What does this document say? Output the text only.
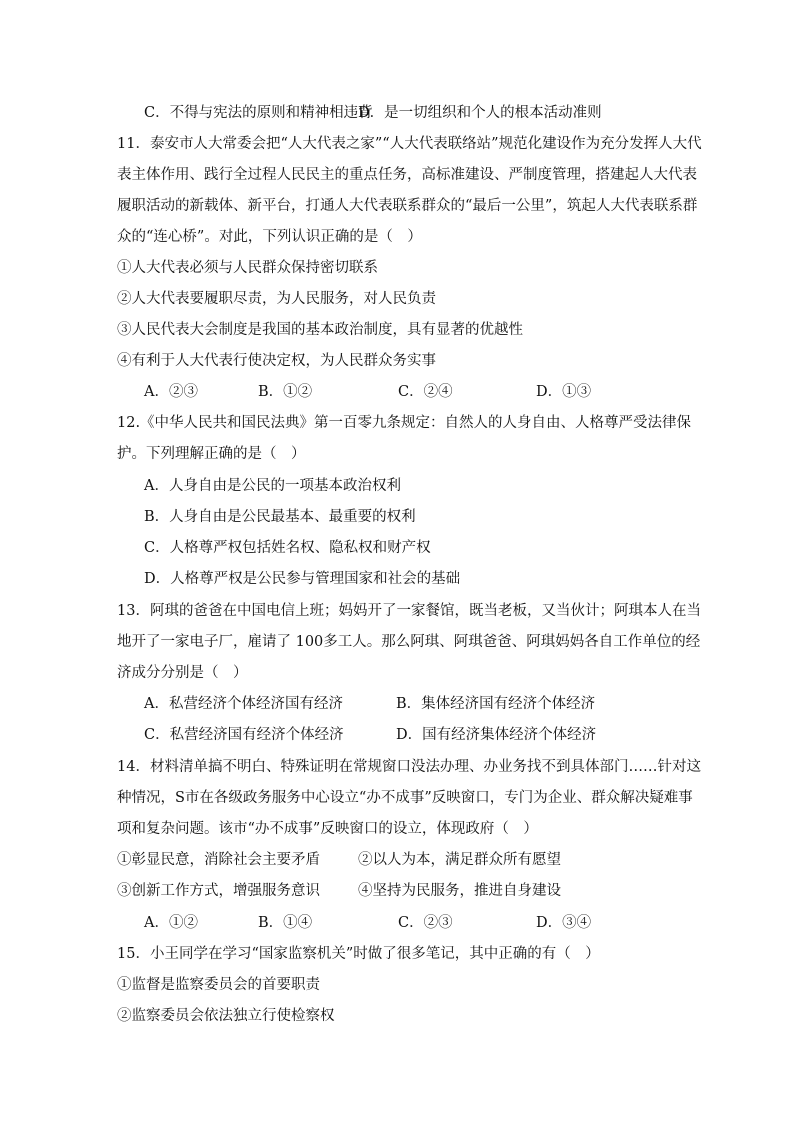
C．不得与宪法的原则和精神相违背
D．是一切组织和个人的根本活动准则
11．泰安市人大常委会把“人大代表之家”“人大代表联络站”规范化建设作为充分发挥人大代
表主体作用、践行全过程人民民主的重点任务，高标准建设、严制度管理，搭建起人大代表
履职活动的新载体、新平台，打通人大代表联系群众的“最后一公里”，筑起人大代表联系群
众的“连心桥”。对此，下列认识正确的是（　）
①人大代表必须与人民群众保持密切联系
②人大代表要履职尽责，为人民服务，对人民负责
③人民代表大会制度是我国的基本政治制度，具有显著的优越性
④有利于人大代表行使决定权，为人民群众务实事
A．②③	B．①②	C．②④	D．①③
12.《中华人民共和国民法典》第一百零九条规定：自然人的人身自由、人格尊严受法律保
护。下列理解正确的是（　）
A．人身自由是公民的一项基本政治权利
B．人身自由是公民最基本、最重要的权利
C．人格尊严权包括姓名权、隐私权和财产权
D．人格尊严权是公民参与管理国家和社会的基础
13．阿琪的爸爸在中国电信上班；妈妈开了一家餐馆，既当老板，又当伙计；阿琪本人在当
地开了一家电子厂，雇请了 100多工人。那么阿琪、阿琪爸爸、阿琪妈妈各自工作单位的经
济成分分别是（　）
A．私营经济个体经济国有经济	B．集体经济国有经济个体经济
C．私营经济国有经济个体经济	D．国有经济集体经济个体经济
14．材料清单搞不明白、特殊证明在常规窗口没法办理、办业务找不到具体部门……针对这
种情况，S市在各级政务服务中心设立“办不成事”反映窗口，专门为企业、群众解决疑难事
项和复杂问题。该市“办不成事”反映窗口的设立，体现政府（　）
①彰显民意，消除社会主要矛盾	②以人为本，满足群众所有愿望
③创新工作方式，增强服务意识	④坚持为民服务，推进自身建设
A．①②	B．①④	C．②③	D．③④
15．小王同学在学习“国家监察机关”时做了很多笔记，其中正确的有（　）
①监督是监察委员会的首要职责
②监察委员会依法独立行使检察权
